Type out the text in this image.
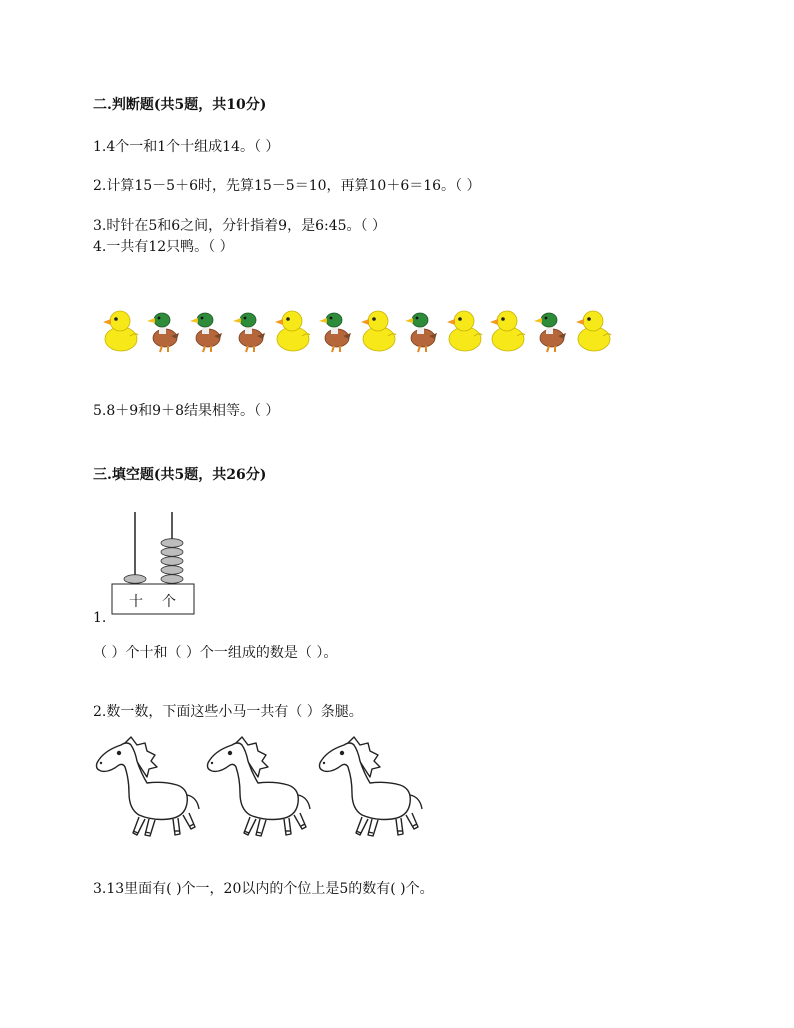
二.判断题(共5题，共10分)
1.4个一和1个十组成14。（ ）
2.计算15－5＋6时，先算15－5＝10，再算10＋6＝16。（ ）
3.时针在5和6之间，分针指着9，是6:45。（ ）
4.一共有12只鸭。（ ）
5.8＋9和9＋8结果相等。（ ）
三.填空题(共5题，共26分)
十 个
1.
（ ）个十和（ ）个一组成的数是（ ）。
2.数一数，下面这些小马一共有（ ）条腿。
3.13里面有( )个一，20以内的个位上是5的数有( )个。
